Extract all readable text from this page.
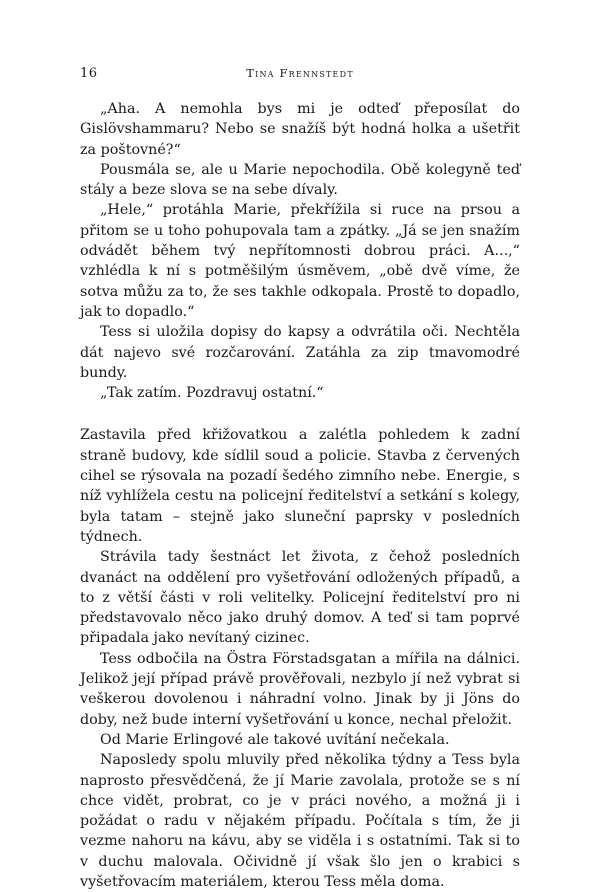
16	Tina Frennstedt

„Aha. A nemohla bys mi je odteď přeposílat do Gislövshammaru? Nebo se snažíš být hodná holka a ušetřit za poštovné?“

Pousmála se, ale u Marie nepochodila. Obě kolegyně teď stály a beze slova se na sebe dívaly.

„Hele,“ protáhla Marie, překřížila si ruce na prsou a přitom se u toho pohupovala tam a zpátky. „Já se jen snažím odvádět během tvý nepřítomnosti dobrou práci. A...,“ vzhlédla k ní s potměšilým úsměvem, „obě dvě víme, že sotva můžu za to, že ses takhle odkopala. Prostě to dopadlo, jak to dopadlo.“

Tess si uložila dopisy do kapsy a odvrátila oči. Nechtěla dát najevo své rozčarování. Zatáhla za zip tmavomodré bundy.

„Tak zatím. Pozdravuj ostatní.“

Zastavila před křižovatkou a zalétla pohledem k zadní straně budovy, kde sídlil soud a policie. Stavba z červených cihel se rýsovala na pozadí šedého zimního nebe. Energie, s níž vyhlížela cestu na policejní ředitelství a setkání s kolegy, byla tatam – stejně jako sluneční paprsky v posledních týdnech.

Strávila tady šestnáct let života, z čehož posledních dvanáct na oddělení pro vyšetřování odložených případů, a to z větší části v roli velitelky. Policejní ředitelství pro ni představovalo něco jako druhý domov. A teď si tam poprvé připadala jako nevítaný cizinec.

Tess odbočila na Östra Förstadsgatan a mířila na dálnici. Jelikož její případ právě prověřovali, nezbylo jí než vybrat si veškerou dovolenou i náhradní volno. Jinak by ji Jöns do doby, než bude interní vyšetřování u konce, nechal přeložit.

Od Marie Erlingové ale takové uvítání nečekala.

Naposledy spolu mluvily před několika týdny a Tess byla naprosto přesvědčená, že jí Marie zavolala, protože se s ní chce vidět, probrat, co je v práci nového, a možná ji i požádat o radu v nějakém případu. Počítala s tím, že ji vezme nahoru na kávu, aby se viděla i s ostatními. Tak si to v duchu malovala. Očividně jí však šlo jen o krabici s vyšetřovacím materiálem, kterou Tess měla doma.
